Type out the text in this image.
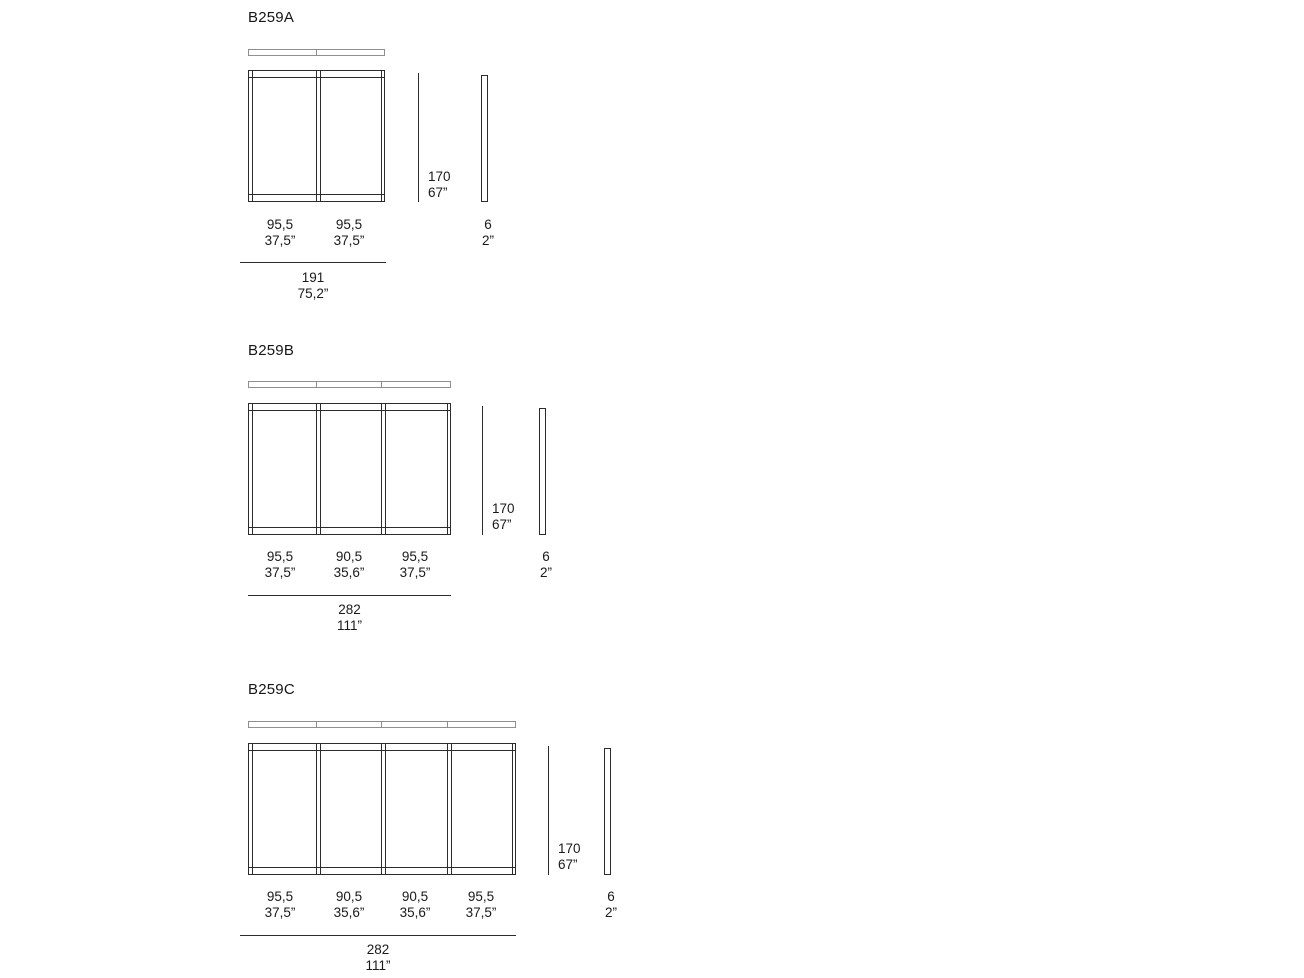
B259A
170
67”
95,5
37,5”
95,5
37,5”
6
2”
191
75,2”
B259B
170
67”
95,5
37,5”
90,5
35,6”
95,5
37,5”
6
2”
282
111”
B259C
170
67”
95,5
37,5”
90,5
35,6”
90,5
35,6”
95,5
37,5”
6
2”
282
111”
